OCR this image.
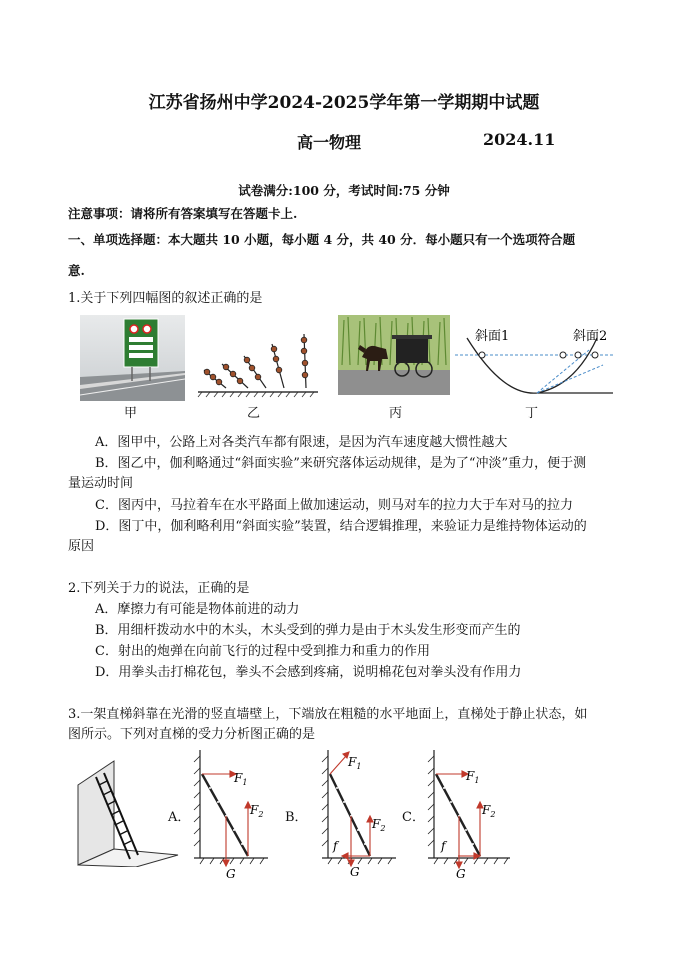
江苏省扬州中学2024-2025学年第一学期期中试题
高一物理	2024.11
试卷满分:100 分，考试时间:75 分钟
注意事项：请将所有答案填写在答题卡上.
一、单项选择题：本大题共 10 小题，每小题 4 分，共 40 分．每小题只有一个选项符合题
意.
1.关于下列四幅图的叙述正确的是
甲	乙	丙
斜面1	斜面2
丁
A．图甲中，公路上对各类汽车都有限速，是因为汽车速度越大惯性越大
B．图乙中，伽利略通过“斜面实验”来研究落体运动规律，是为了“冲淡”重力，便于测
量运动时间
C．图丙中，马拉着车在水平路面上做加速运动，则马对车的拉力大于车对马的拉力
D．图丁中，伽利略利用“斜面实验”装置，结合逻辑推理，来验证力是维持物体运动的
原因
2.下列关于力的说法，正确的是
A．摩擦力有可能是物体前进的动力
B．用细杆拨动水中的木头，木头受到的弹力是由于木头发生形变而产生的
C．射出的炮弹在向前飞行的过程中受到推力和重力的作用
D．用拳头击打棉花包，拳头不会感到疼痛，说明棉花包对拳头没有作用力
3.一架直梯斜靠在光滑的竖直墙壁上，下端放在粗糙的水平地面上，直梯处于静止状态，如
图所示。下列对直梯的受力分析图正确的是
A．	B．	C．
$F_1$
$F_2$
G
$F_1$
$F_2$
f
G
$F_1$
$F_2$
f
G
